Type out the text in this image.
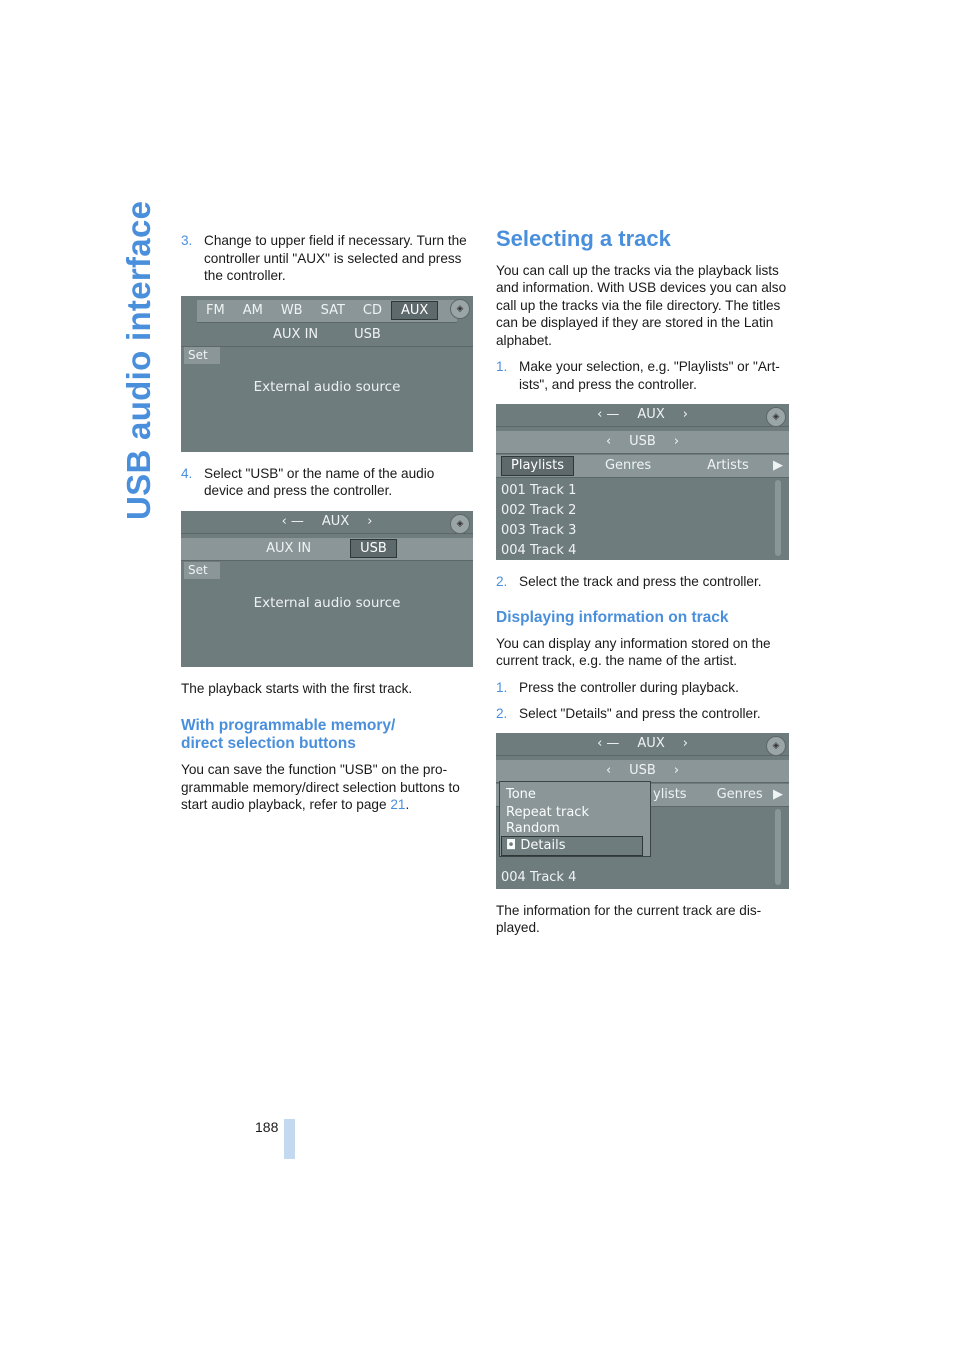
USB audio interface 3. Change to upper field if necessary. Turn the controller until "AUX" is selected and press the controller.
FM	AM	WB	SAT	CD	AUX	◈
AUX IN	USB
Set
External audio source
4. Select "USB" or the name of the audio device and press the controller.
‹ — AUX ›	◈
AUX IN	USB
Set
External audio source

The playback starts with the first track.

With programmable memory/ direct selection buttons

You can save the function "USB" on the programmable memory/direct selection buttons to start audio playback, refer to page 21.

Selecting a track

You can call up the tracks via the playback lists and information. With USB devices you can also call up the tracks via the file directory. The titles can be displayed if they are stored in the Latin alphabet.

1. Make your selection, e.g. "Playlists" or "Artists", and press the controller.
‹ — AUX ›	◈
‹ USB ›
Playlists	Genres	Artists	▶
001 Track 1
002 Track 2
003 Track 3
004 Track 4
2. Select the track and press the controller.
Displaying information on track

You can display any information stored on the current track, e.g. the name of the artist.

1. Press the controller during playback.
2. Select "Details" and press the controller.
‹ — AUX ›	◈
‹ USB ›
ylists	Genres ▶
Tone
Repeat track
Random
◘ Details
004 Track 4

The information for the current track are displayed.

188
